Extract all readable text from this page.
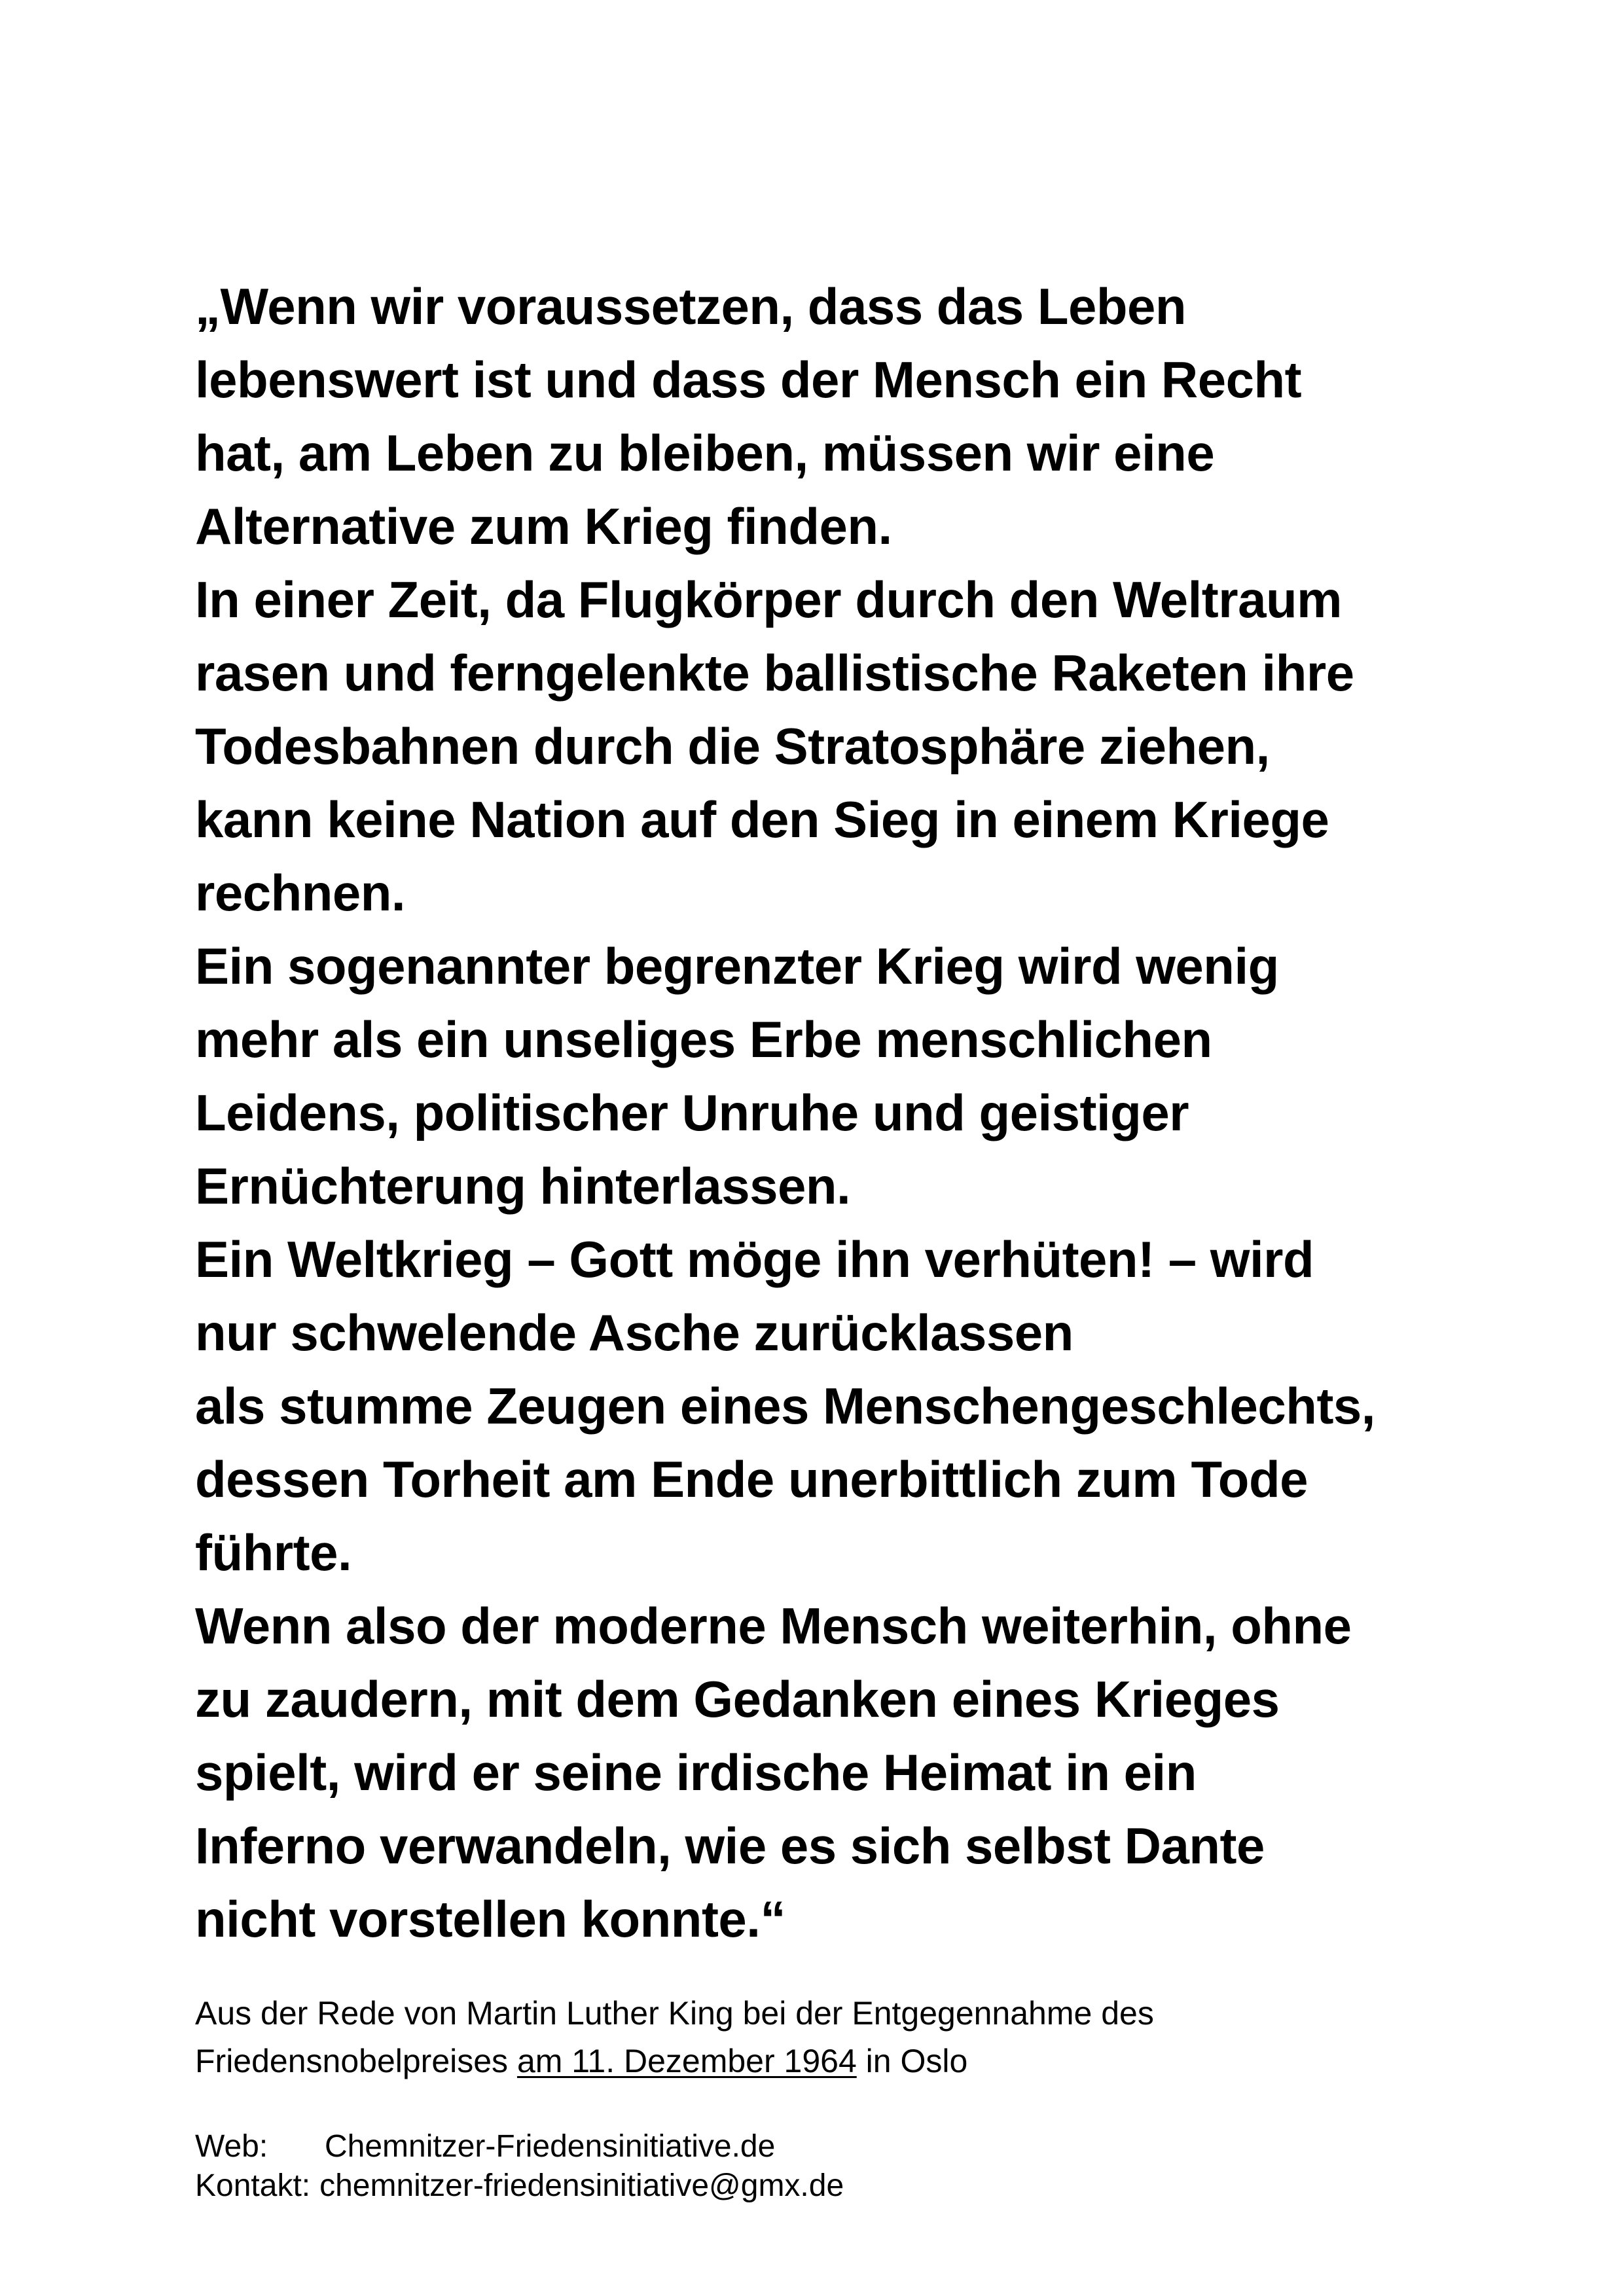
„Wenn wir voraussetzen, dass das Leben
lebenswert ist und dass der Mensch ein Recht
hat, am Leben zu bleiben, müssen wir eine
Alternative zum Krieg finden.
In einer Zeit, da Flugkörper durch den Weltraum
rasen und ferngelenkte ballistische Raketen ihre
Todesbahnen durch die Stratosphäre ziehen,
kann keine Nation auf den Sieg in einem Kriege
rechnen.
Ein sogenannter begrenzter Krieg wird wenig
mehr als ein unseliges Erbe menschlichen
Leidens, politischer Unruhe und geistiger
Ernüchterung hinterlassen.
Ein Weltkrieg – Gott möge ihn verhüten! – wird
nur schwelende Asche zurücklassen
als stumme Zeugen eines Menschengeschlechts,
dessen Torheit am Ende unerbittlich zum Tode
führte.
Wenn also der moderne Mensch weiterhin, ohne
zu zaudern, mit dem Gedanken eines Krieges
spielt, wird er seine irdische Heimat in ein
Inferno verwandeln, wie es sich selbst Dante
nicht vorstellen konnte.“
Aus der Rede von Martin Luther King bei der Entgegennahme des
Friedensnobelpreises am 11. Dezember 1964 in Oslo
Web: Chemnitzer-Friedensinitiative.de
Kontakt: chemnitzer-friedensinitiative@gmx.de
